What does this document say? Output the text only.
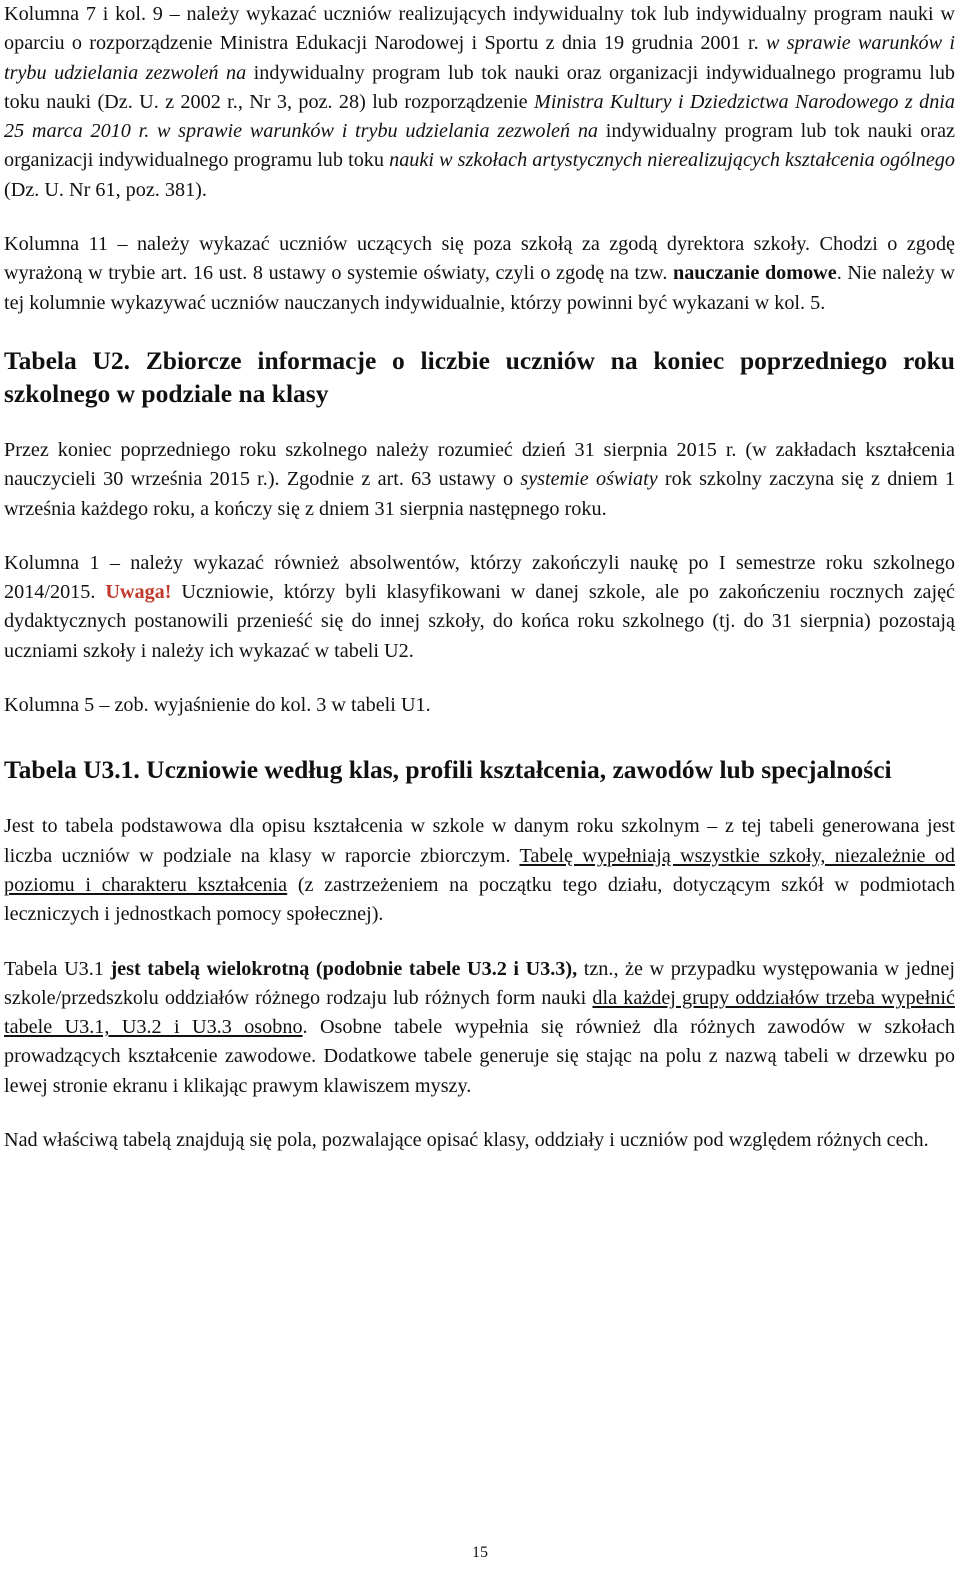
Kolumna 7 i kol. 9 – należy wykazać uczniów realizujących indywidualny tok lub indywidualny program nauki w oparciu o rozporządzenie Ministra Edukacji Narodowej i Sportu z dnia 19 grudnia 2001 r. w sprawie warunków i trybu udzielania zezwoleń na indywidualny program lub tok nauki oraz organizacji indywidualnego programu lub toku nauki (Dz. U. z 2002 r., Nr 3, poz. 28) lub rozporządzenie Ministra Kultury i Dziedzictwa Narodowego z dnia 25 marca 2010 r. w sprawie warunków i trybu udzielania zezwoleń na indywidualny program lub tok nauki oraz organizacji indywidualnego programu lub toku nauki w szkołach artystycznych nierealizujących kształcenia ogólnego (Dz. U. Nr 61, poz. 381).

Kolumna 11 – należy wykazać uczniów uczących się poza szkołą za zgodą dyrektora szkoły. Chodzi o zgodę wyrażoną w trybie art. 16 ust. 8 ustawy o systemie oświaty, czyli o zgodę na tzw. nauczanie domowe. Nie należy w tej kolumnie wykazywać uczniów nauczanych indywidualnie, którzy powinni być wykazani w kol. 5.

Tabela U2. Zbiorcze informacje o liczbie uczniów na koniec poprzedniego roku szkolnego w podziale na klasy

Przez koniec poprzedniego roku szkolnego należy rozumieć dzień 31 sierpnia 2015 r. (w zakładach kształcenia nauczycieli 30 września 2015 r.). Zgodnie z art. 63 ustawy o systemie oświaty rok szkolny zaczyna się z dniem 1 września każdego roku, a kończy się z dniem 31 sierpnia następnego roku.

Kolumna 1 – należy wykazać również absolwentów, którzy zakończyli naukę po I semestrze roku szkolnego 2014/2015. Uwaga! Uczniowie, którzy byli klasyfikowani w danej szkole, ale po zakończeniu rocznych zajęć dydaktycznych postanowili przenieść się do innej szkoły, do końca roku szkolnego (tj. do 31 sierpnia) pozostają uczniami szkoły i należy ich wykazać w tabeli U2.

Kolumna 5 – zob. wyjaśnienie do kol. 3 w tabeli U1.

Tabela U3.1. Uczniowie według klas, profili kształcenia, zawodów lub specjalności

Jest to tabela podstawowa dla opisu kształcenia w szkole w danym roku szkolnym – z tej tabeli generowana jest liczba uczniów w podziale na klasy w raporcie zbiorczym. Tabelę wypełniają wszystkie szkoły, niezależnie od poziomu i charakteru kształcenia (z zastrzeżeniem na początku tego działu, dotyczącym szkół w podmiotach leczniczych i jednostkach pomocy społecznej).

Tabela U3.1 jest tabelą wielokrotną (podobnie tabele U3.2 i U3.3), tzn., że w przypadku występowania w jednej szkole/przedszkolu oddziałów różnego rodzaju lub różnych form nauki dla każdej grupy oddziałów trzeba wypełnić tabele U3.1, U3.2 i U3.3 osobno. Osobne tabele wypełnia się również dla różnych zawodów w szkołach prowadzących kształcenie zawodowe. Dodatkowe tabele generuje się stając na polu z nazwą tabeli w drzewku po lewej stronie ekranu i klikając prawym klawiszem myszy.

Nad właściwą tabelą znajdują się pola, pozwalające opisać klasy, oddziały i uczniów pod względem różnych cech.

15
